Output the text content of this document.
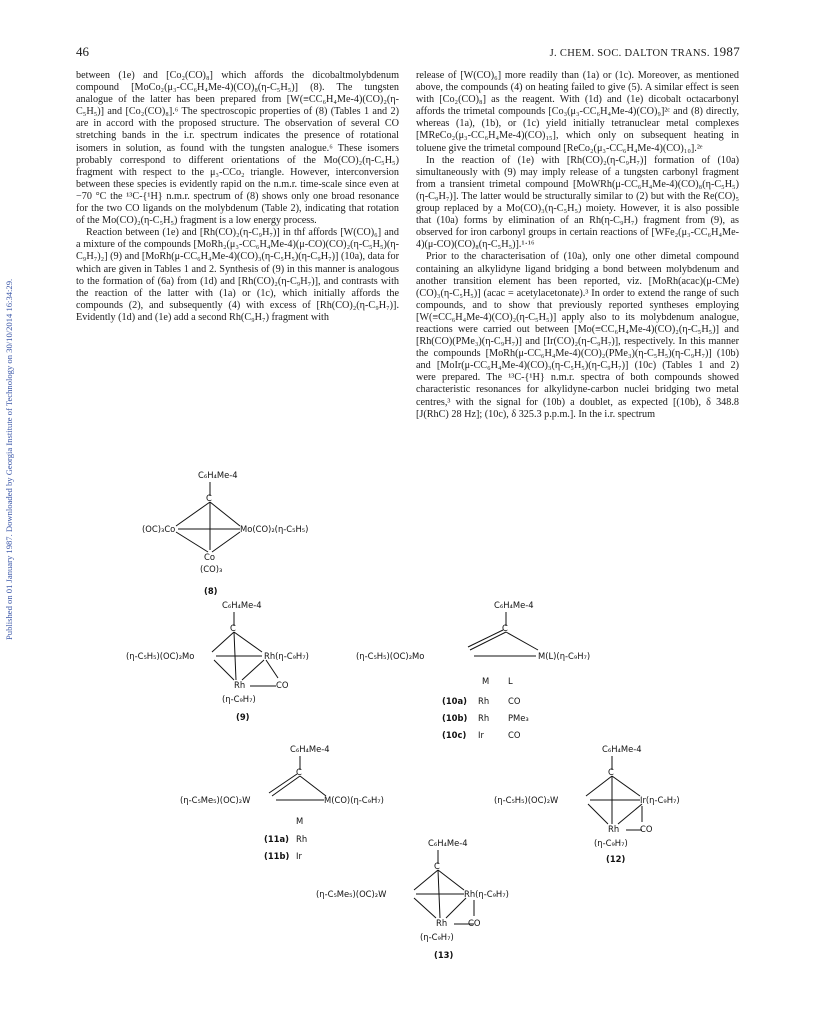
46	J. CHEM. SOC. DALTON TRANS. 1987
Published on 01 January 1987. Downloaded by Georgia Institute of Technology on 30/10/2014 16:34:29.

between (1e) and [Co₂(CO)₈] which affords the dicobaltmolybdenum compound [MoCo₂(μ₃-CC₆H₄Me-4)(CO)₈(η-C₅H₅)] (8). The tungsten analogue of the latter has been prepared from [W(≡CC₆H₄Me-4)(CO)₂(η-C₅H₅)] and [Co₂(CO)₈].⁶ The spectroscopic properties of (8) (Tables 1 and 2) are in accord with the proposed structure. The observation of several CO stretching bands in the i.r. spectrum indicates the presence of rotational isomers in solution, as found with the tungsten analogue.⁶ These isomers probably correspond to different orientations of the Mo(CO)₂(η-C₅H₅) fragment with respect to the μ₃-CCo₂ triangle. However, interconversion between these species is evidently rapid on the n.m.r. time-scale since even at −70 °C the ¹³C-{¹H} n.m.r. spectrum of (8) shows only one broad resonance for the two CO ligands on the molybdenum (Table 2), indicating that rotation of the Mo(CO)₂(η-C₅H₅) fragment is a low energy process.

Reaction between (1e) and [Rh(CO)₂(η-C₉H₇)] in thf affords [W(CO)₆] and a mixture of the compounds [MoRh₂(μ₃-CC₆H₄Me-4)(μ-CO)(CO)₂(η-C₅H₅)(η-C₉H₇)₂] (9) and [MoRh(μ-CC₆H₄Me-4)(CO)₃(η-C₅H₅)(η-C₉H₇)] (10a), data for which are given in Tables 1 and 2. Synthesis of (9) in this manner is analogous to the formation of (6a) from (1d) and [Rh(CO)₂(η-C₉H₇)], and contrasts with the reaction of the latter with (1a) or (1c), which initially affords the compounds (2), and subsequently (4) with excess of [Rh(CO)₂(η-C₉H₇)]. Evidently (1d) and (1e) add a second Rh(C₉H₇) fragment with

release of [W(CO)₆] more readily than (1a) or (1c). Moreover, as mentioned above, the compounds (4) on heating failed to give (5). A similar effect is seen with [Co₂(CO)₈] as the reagent. With (1d) and (1e) dicobalt octacarbonyl affords the trimetal compounds [Co₃(μ₃-CC₆H₄Me-4)(CO)₉]²ᶜ and (8) directly, whereas (1a), (1b), or (1c) yield initially tetranuclear metal complexes [MReCo₂(μ₃-CC₆H₄Me-4)(CO)₁₅], which only on subsequent heating in toluene give the trimetal compound [ReCo₂(μ₃-CC₆H₄Me-4)(CO)₁₀].²ᵉ

In the reaction of (1e) with [Rh(CO)₂(η-C₉H₇)] formation of (10a) simultaneously with (9) may imply release of a tungsten carbonyl fragment from a transient trimetal compound [MoWRh(μ-CC₆H₄Me-4)(CO)₈(η-C₅H₅)(η-C₉H₇)]. The latter would be structurally similar to (2) but with the Re(CO)₅ group replaced by a Mo(CO)₃(η-C₅H₅) moiety. However, it is also possible that (10a) forms by elimination of an Rh(η-C₉H₇) fragment from (9), as observed for iron carbonyl groups in certain reactions of [WFe₂(μ₃-CC₆H₄Me-4)(μ-CO)(CO)₈(η-C₅H₅)].¹·¹⁶

Prior to the characterisation of (10a), only one other dimetal compound containing an alkylidyne ligand bridging a bond between molybdenum and another transition element has been reported, viz. [MoRh(acac)(μ-CMe)(CO)₃(η-C₅H₅)] (acac = acetylacetonate).³ In order to extend the range of such compounds, and to show that previously reported syntheses employing [W(≡CC₆H₄Me-4)(CO)₂(η-C₅H₅)] apply also to its molybdenum analogue, reactions were carried out between [Mo(≡CC₆H₄Me-4)(CO)₂(η-C₅H₅)] and [Rh(CO)(PMe₃)(η-C₉H₇)] and [Ir(CO)₂(η-C₉H₇)], respectively. In this manner the compounds [MoRh(μ-CC₆H₄Me-4)(CO)₂(PMe₃)(η-C₅H₅)(η-C₉H₇)] (10b) and [MoIr(μ-CC₆H₄Me-4)(CO)₃(η-C₅H₅)(η-C₉H₇)] (10c) (Tables 1 and 2) were prepared. The ¹³C-{¹H} n.m.r. spectra of both compounds showed characteristic resonances for alkylidyne-carbon nuclei bridging two metal centres,³ with the signal for (10b) a doublet, as expected [(10b), δ 348.8 [J(RhC) 28 Hz]; (10c), δ 325.3 p.p.m.]. In the i.r. spectrum

C₆H₄Me-4
C
(OC)₃Co	Mo(CO)₂(η-C₅H₅)
Co
(CO)₃
(8)
C₆H₄Me-4
C
(η-C₅H₅)(OC)₂Mo	Rh(η-C₉H₇)
Rh	CO
(η-C₉H₇)
(9)
C₆H₄Me-4
C
(η-C₅H₅)(OC)₂Mo	M(L)(η-C₉H₇)
M L
(10a) Rh CO
(10b) Rh PMe₃
(10c) Ir	CO
C₆H₄Me-4
C
(η-C₅Me₅)(OC)₂W	M(CO)(η-C₉H₇)
M
(11a) Rh
(11b) Ir
C₆H₄Me-4
C
(η-C₅H₅)(OC)₂W	Ir(η-C₉H₇)
Rh CO
(η-C₉H₇)
(12)
C₆H₄Me-4
C
(η-C₅Me₅)(OC)₂W	Rh(η-C₉H₇)
Rh CO
(η-C₉H₇)
(13)
